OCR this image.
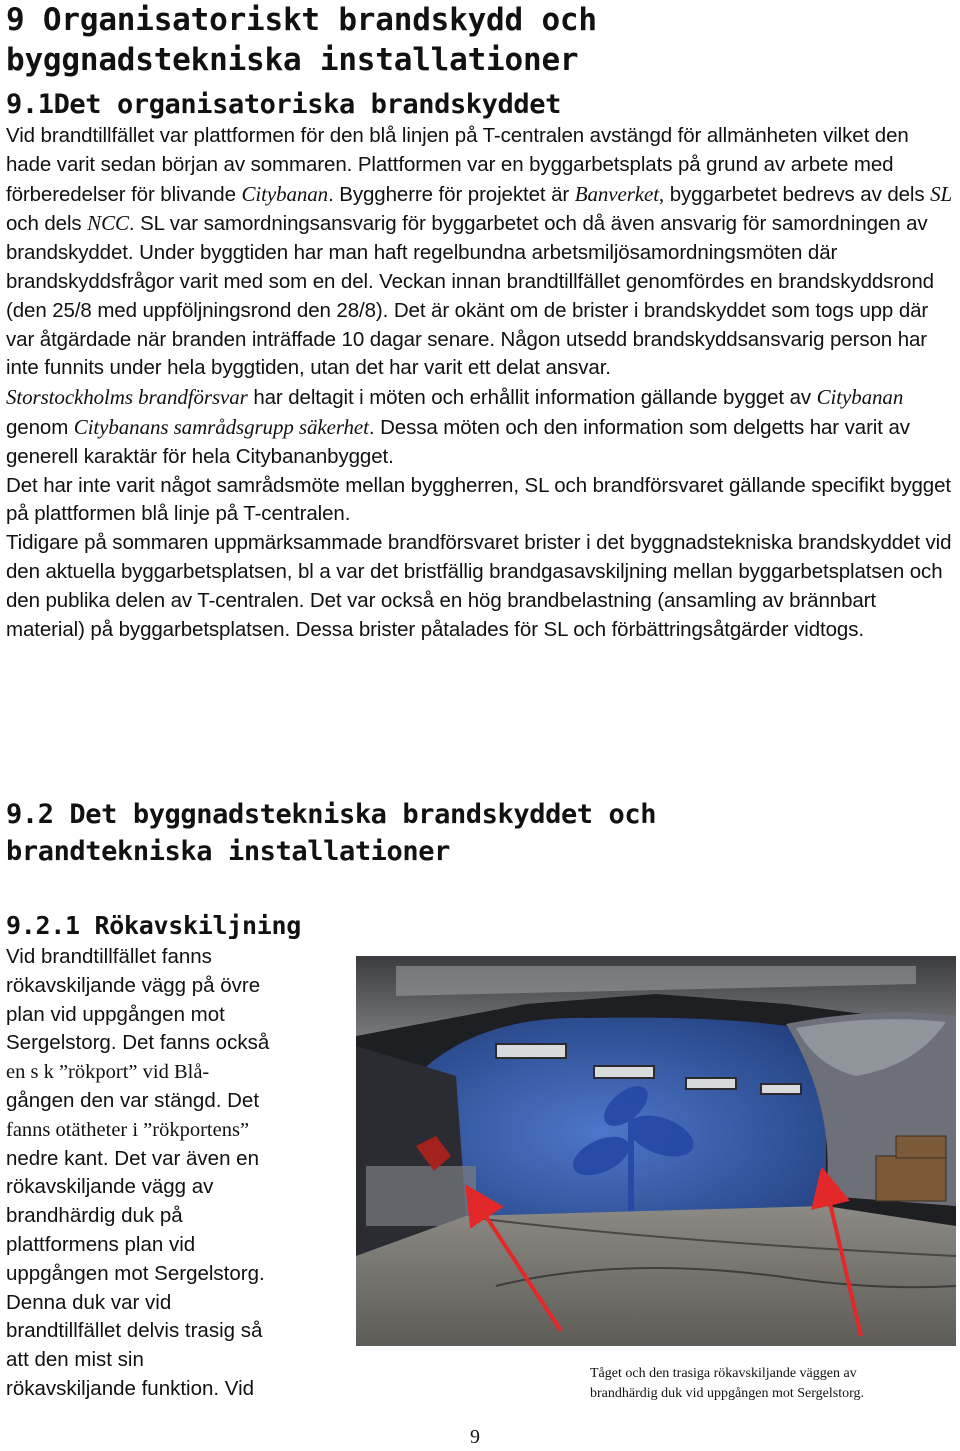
9 Organisatoriskt brandskydd och
byggnadstekniska installationer
9.1Det organisatoriska brandskyddet

Vid brandtillfället var plattformen för den blå linjen på T-centralen avstängd för allmänheten vilket den hade varit sedan början av sommaren. Plattformen var en byggarbetsplats på grund av arbete med förberedelser för blivande Citybanan. Byggherre för projektet är Banverket, byggarbetet bedrevs av dels SL och dels NCC. SL var samordningsansvarig för byggarbetet och då även ansvarig för samordningen av brandskyddet. Under byggtiden har man haft regelbundna arbetsmiljösamordningsmöten där brandskyddsfrågor varit med som en del. Veckan innan brandtillfället genomfördes en brandskyddsrond (den 25/8 med uppföljningsrond den 28/8). Det är okänt om de brister i brandskyddet som togs upp där var åtgärdade när branden inträffade 10 dagar senare. Någon utsedd brandskyddsansvarig person har inte funnits under hela byggtiden, utan det har varit ett delat ansvar.

Storstockholms brandförsvar har deltagit i möten och erhållit information gällande bygget av Citybanan genom Citybanans samrådsgrupp säkerhet. Dessa möten och den information som delgetts har varit av generell karaktär för hela Citybananbygget.

Det har inte varit något samrådsmöte mellan byggherren, SL och brandförsvaret gällande specifikt bygget på plattformen blå linje på T-centralen.

Tidigare på sommaren uppmärksammade brandförsvaret brister i det byggnadstekniska brandskyddet vid den aktuella byggarbetsplatsen, bl a var det bristfällig brandgasavskiljning mellan byggarbetsplatsen och den publika delen av T-centralen. Det var också en hög brandbelastning (ansamling av brännbart material) på byggarbetsplatsen. Dessa brister påtalades för SL och förbättringsåtgärder vidtogs.

9.2 Det byggnadstekniska brandskyddet och
brandtekniska installationer
9.2.1 Rökavskiljning
Vid brandtillfället fanns
rökavskiljande vägg på övre
plan vid uppgången mot
Sergelstorg. Det fanns också
en s k ”rökport” vid Blå-
gången den var stängd. Det
fanns otätheter i ”rökportens”
nedre kant. Det var även en
rökavskiljande vägg av
brandhärdig duk på
plattformens plan vid
uppgången mot Sergelstorg.
Denna duk var vid
brandtillfället delvis trasig så
att den mist sin
rökavskiljande funktion. Vid
Tåget och den trasiga rökavskiljande väggen av
brandhärdig duk vid uppgången mot Sergelstorg.
9
